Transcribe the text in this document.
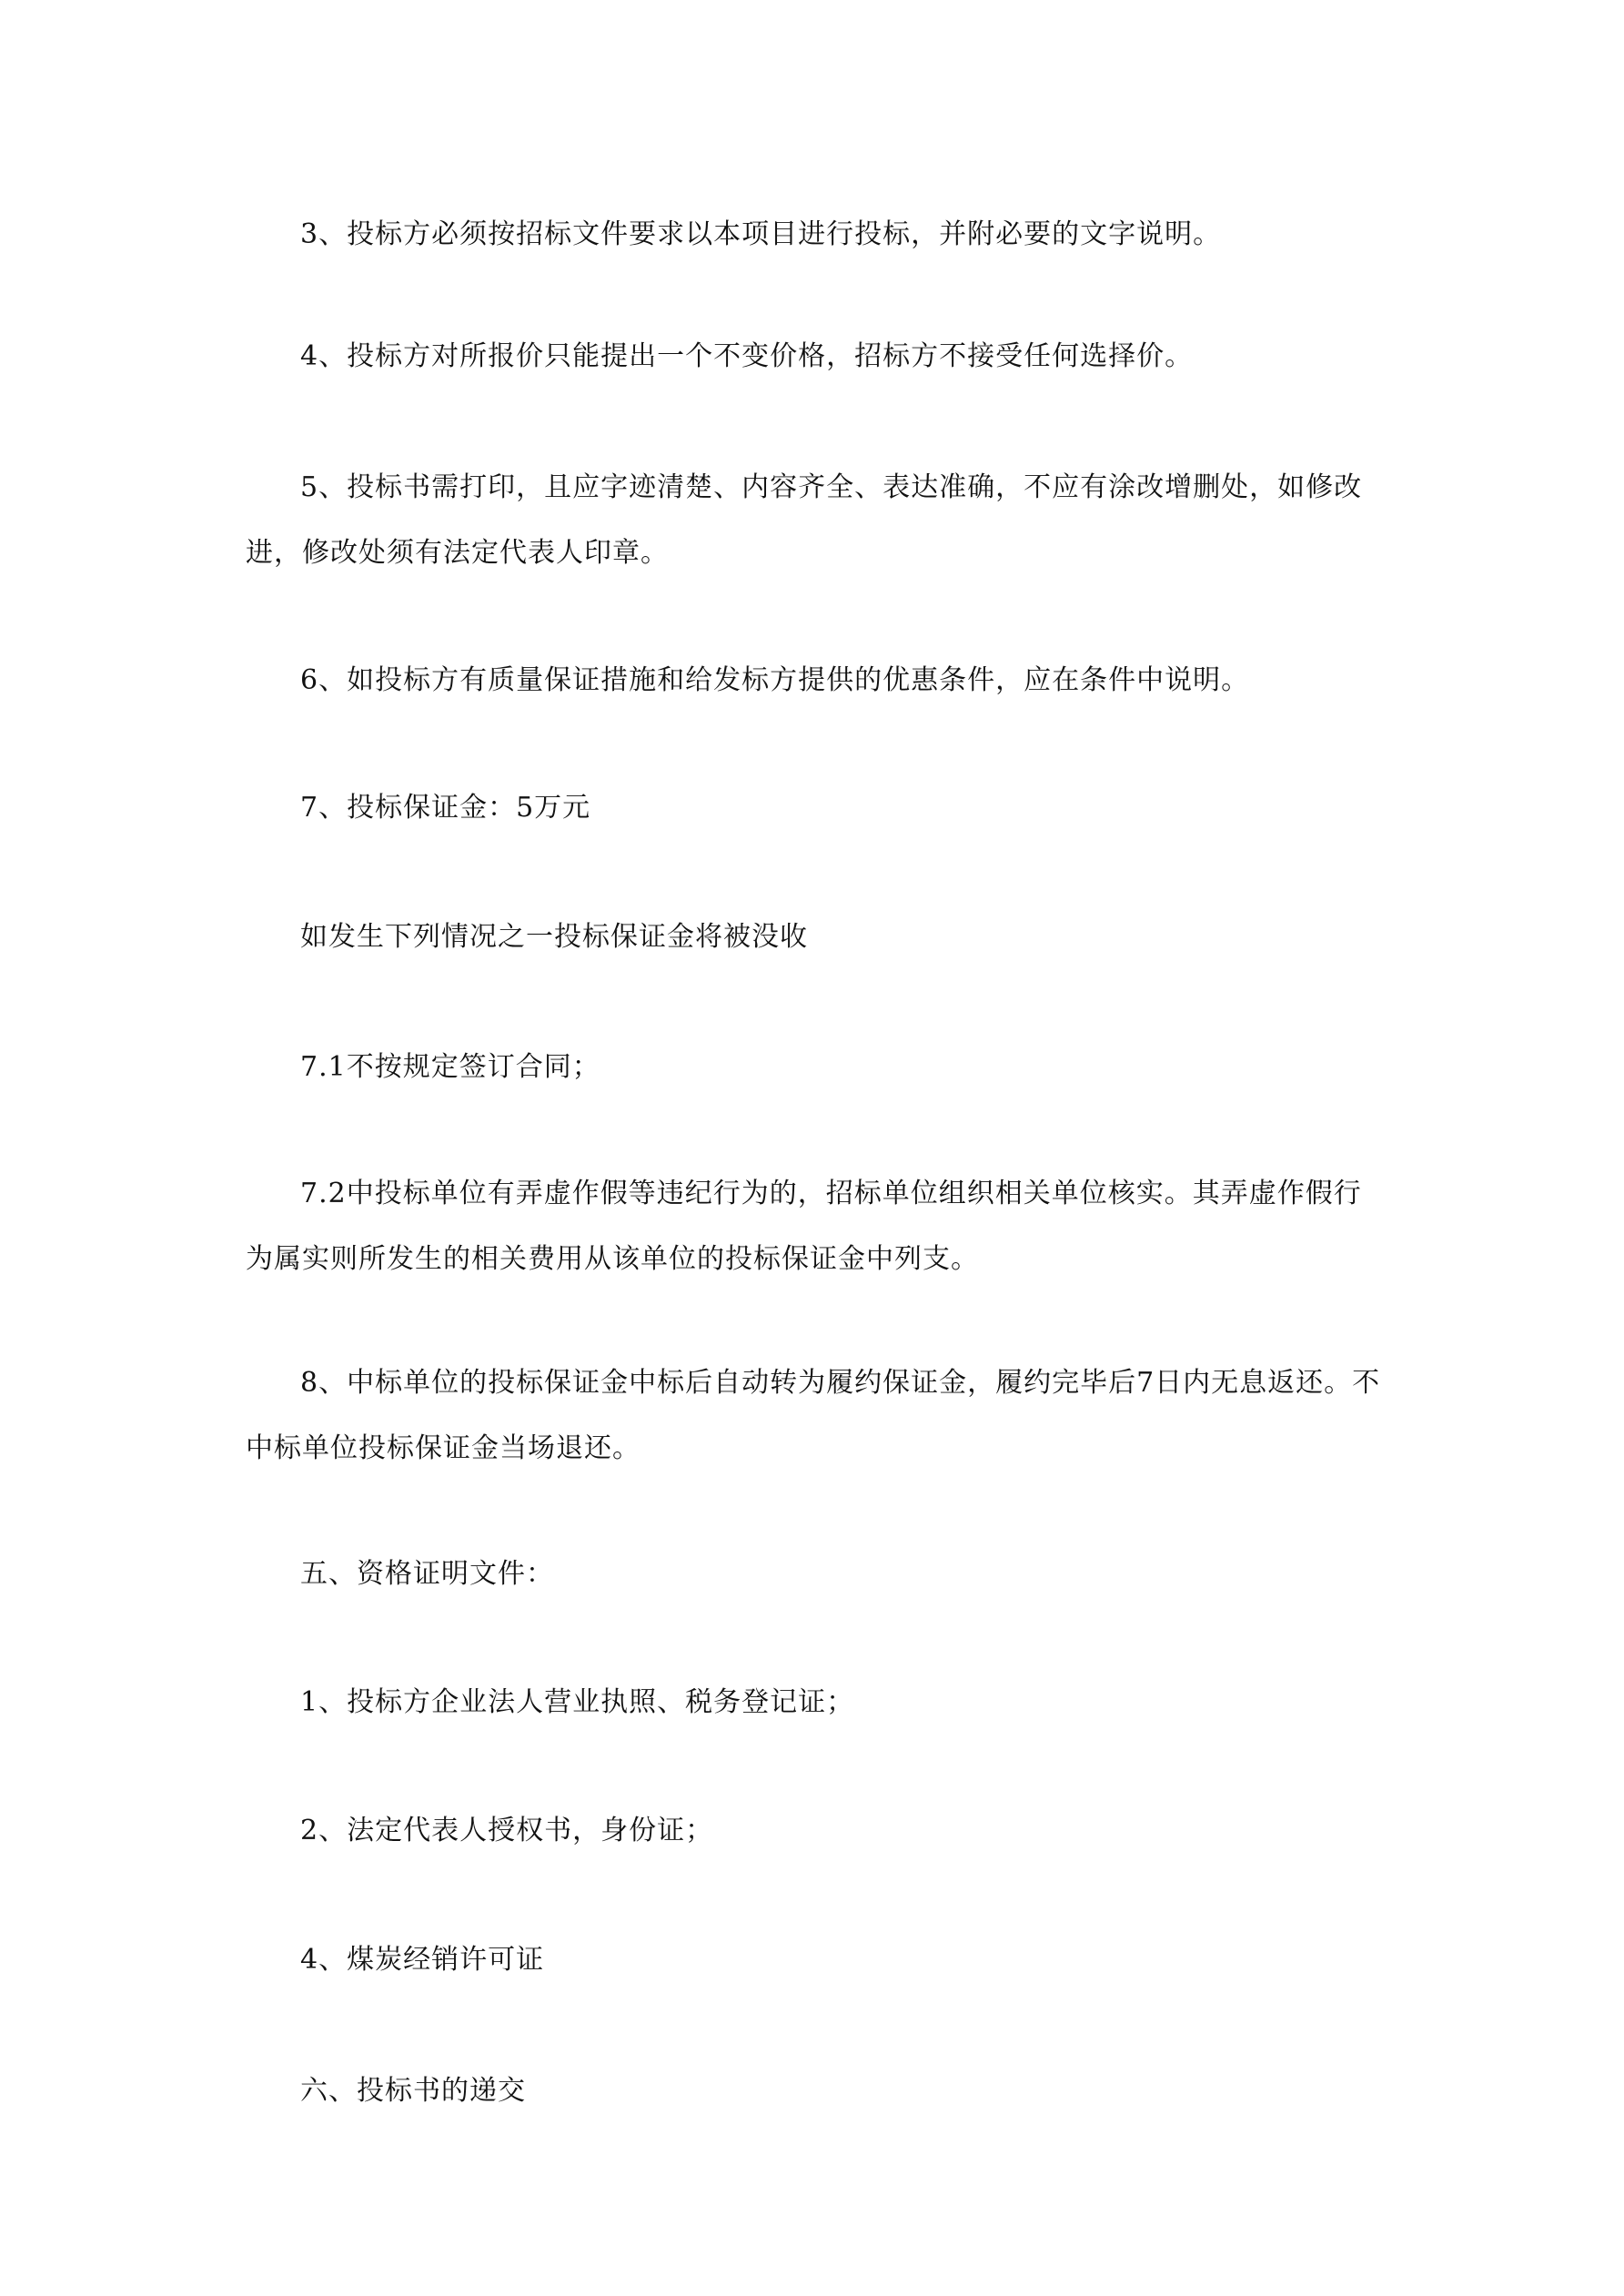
3、投标方必须按招标文件要求以本项目进行投标，并附必要的文字说明。

4、投标方对所报价只能提出一个不变价格，招标方不接受任何选择价。

5、投标书需打印，且应字迹清楚、内容齐全、表达准确，不应有涂改增删处，如修改进，修改处须有法定代表人印章。

6、如投标方有质量保证措施和给发标方提供的优惠条件，应在条件中说明。

7、投标保证金：5万元

如发生下列情况之一投标保证金将被没收

7.1不按规定签订合同；

7.2中投标单位有弄虚作假等违纪行为的，招标单位组织相关单位核实。其弄虚作假行为属实则所发生的相关费用从该单位的投标保证金中列支。

8、中标单位的投标保证金中标后自动转为履约保证金，履约完毕后7日内无息返还。不中标单位投标保证金当场退还。

五、资格证明文件：

1、投标方企业法人营业执照、税务登记证；

2、法定代表人授权书，身份证；

4、煤炭经销许可证

六、投标书的递交
